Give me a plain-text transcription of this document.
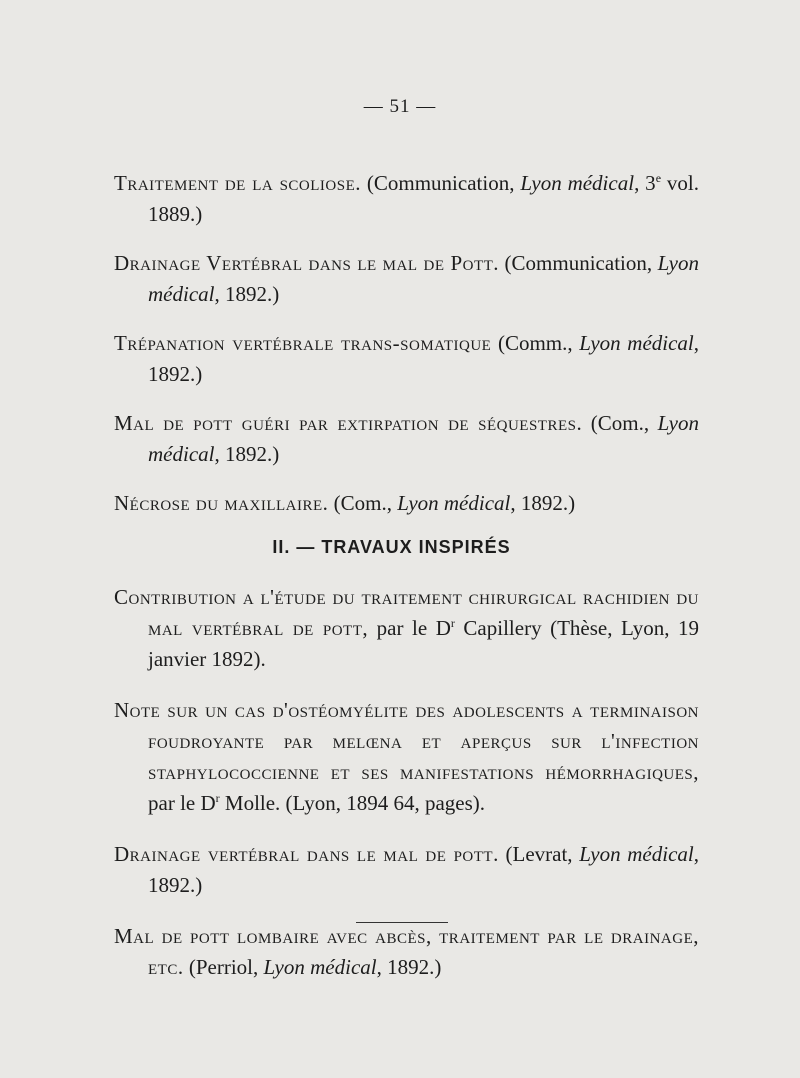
— 51 —
Traitement de la scoliose. (Communication, Lyon médical, 3e vol. 1889.)
Drainage Vertébral dans le mal de Pott. (Communication, Lyon médical, 1892.)
Trépanation vertébrale trans-somatique (Comm., Lyon médical, 1892.)
Mal de pott guéri par extirpation de séquestres. (Com., Lyon médical, 1892.)
Nécrose du maxillaire. (Com., Lyon médical, 1892.)
II. — TRAVAUX INSPIRÉS
Contribution a l'étude du traitement chirurgical rachidien du mal vertébral de pott, par le $D^r$ Capillery (Thèse, Lyon, 19 janvier 1892).
Note sur un cas d'ostéomyélite des adolescents a terminaison foudroyante par melœna et aperçus sur l'infection staphylococcienne et ses manifestations hémorrhagiques, par le $D^r$ Molle. (Lyon, 1894 64, pages).
Drainage vertébral dans le mal de pott. (Levrat, Lyon médical, 1892.)
Mal de pott lombaire avec abcès, traitement par le drainage, etc. (Perriol, Lyon médical, 1892.)
